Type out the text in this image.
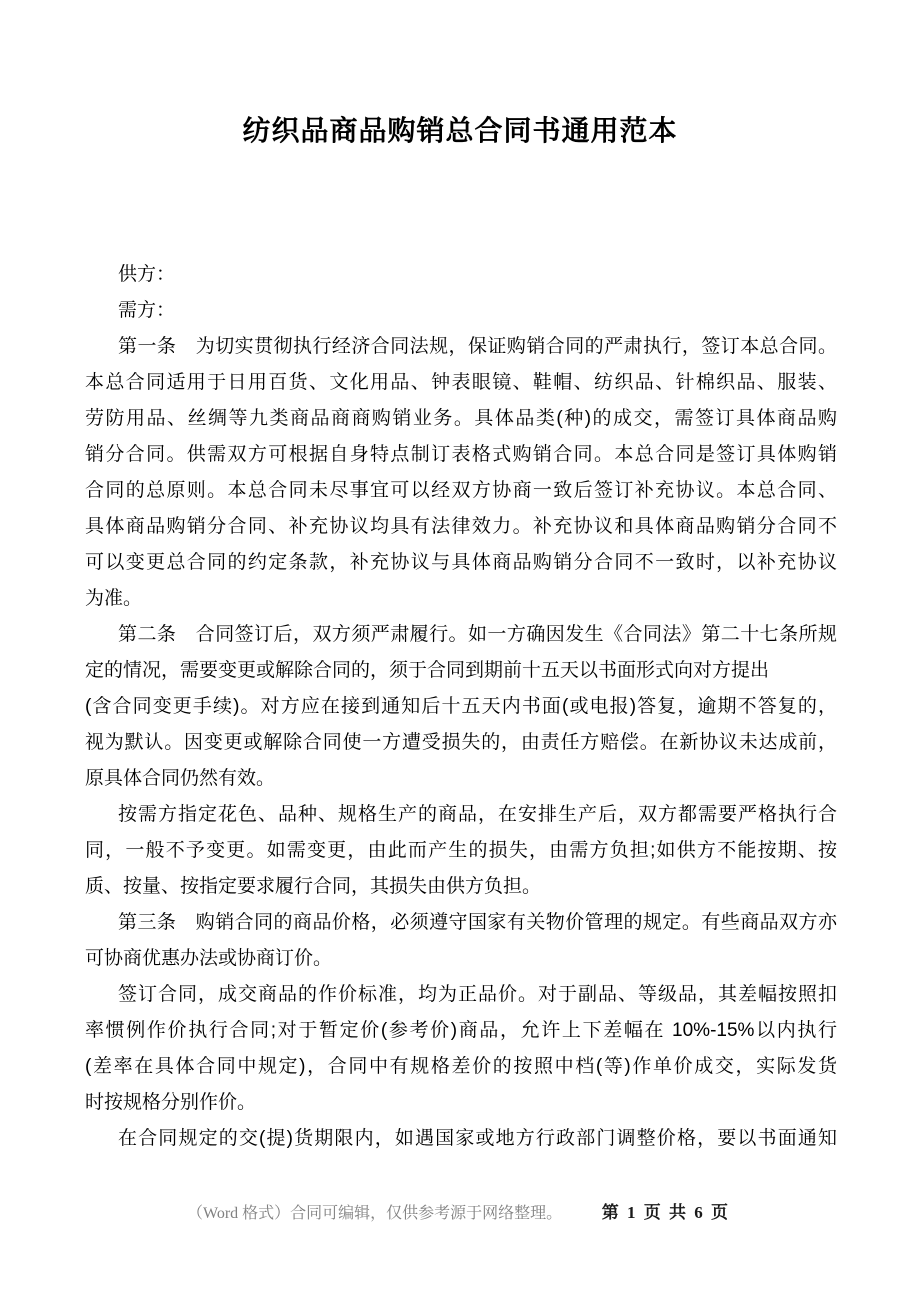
纺织品商品购销总合同书通用范本
供方：
需方：
第一条　为切实贯彻执行经济合同法规，保证购销合同的严肃执行，签订本总合同。
本总合同适用于日用百货、文化用品、钟表眼镜、鞋帽、纺织品、针棉织品、服装、
劳防用品、丝绸等九类商品商商购销业务。具体品类(种)的成交，需签订具体商品购
销分合同。供需双方可根据自身特点制订表格式购销合同。本总合同是签订具体购销
合同的总原则。本总合同未尽事宜可以经双方协商一致后签订补充协议。本总合同、
具体商品购销分合同、补充协议均具有法律效力。补充协议和具体商品购销分合同不
可以变更总合同的约定条款，补充协议与具体商品购销分合同不一致时，以补充协议
为准。
第二条　合同签订后，双方须严肃履行。如一方确因发生《合同法》第二十七条所规
定的情况，需要变更或解除合同的，须于合同到期前十五天以书面形式向对方提出
(含合同变更手续)。对方应在接到通知后十五天内书面(或电报)答复，逾期不答复的，
视为默认。因变更或解除合同使一方遭受损失的，由责任方赔偿。在新协议未达成前，
原具体合同仍然有效。
按需方指定花色、品种、规格生产的商品，在安排生产后，双方都需要严格执行合
同，一般不予变更。如需变更，由此而产生的损失，由需方负担;如供方不能按期、按
质、按量、按指定要求履行合同，其损失由供方负担。
第三条　购销合同的商品价格，必须遵守国家有关物价管理的规定。有些商品双方亦
可协商优惠办法或协商订价。
签订合同，成交商品的作价标准，均为正品价。对于副品、等级品，其差幅按照扣
率惯例作价执行合同;对于暂定价(参考价)商品，允许上下差幅在 10%-15%以内执行
(差率在具体合同中规定)，合同中有规格差价的按照中档(等)作单价成交，实际发货
时按规格分别作价。
在合同规定的交(提)货期限内，如遇国家或地方行政部门调整价格，要以书面通知
（Word 格式）合同可编辑，仅供参考源于网络整理。 第 1 页 共 6 页
